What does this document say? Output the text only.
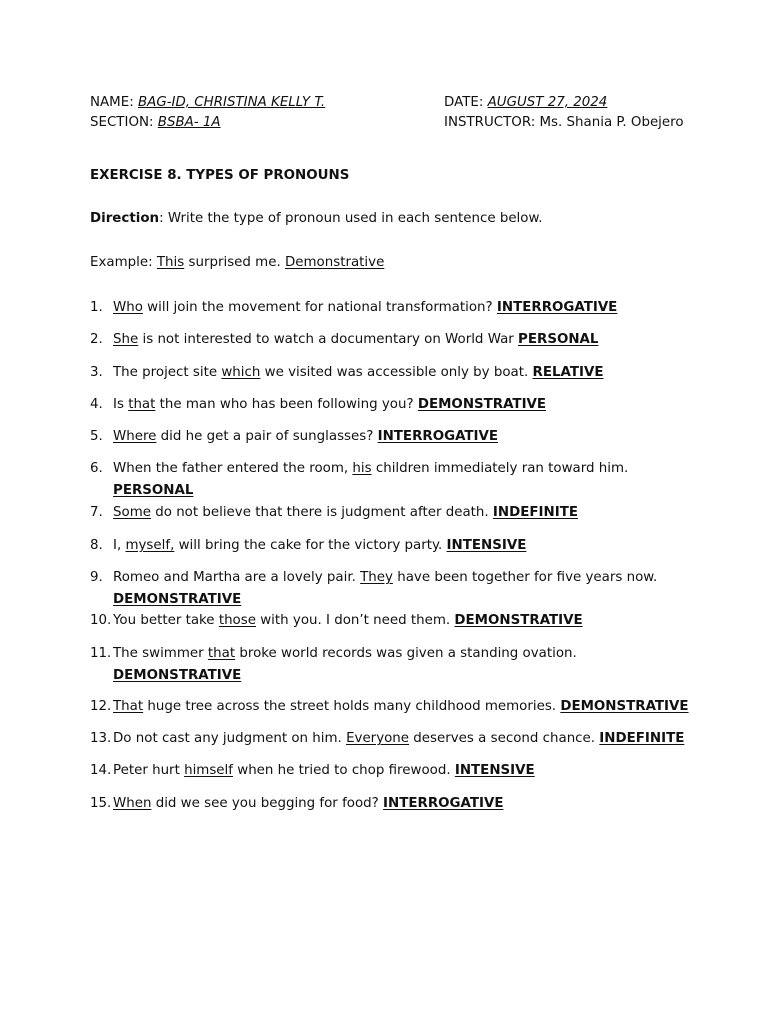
NAME: BAG-ID, CHRISTINA KELLY T.
SECTION: BSBA- 1A
DATE: AUGUST 27, 2024
INSTRUCTOR: Ms. Shania P. Obejero
EXERCISE 8. TYPES OF PRONOUNS
Direction: Write the type of pronoun used in each sentence below.
Example: This surprised me. Demonstrative
1. Who will join the movement for national transformation? INTERROGATIVE
2. She is not interested to watch a documentary on World War PERSONAL
3. The project site which we visited was accessible only by boat. RELATIVE
4. Is that the man who has been following you? DEMONSTRATIVE
5. Where did he get a pair of sunglasses? INTERROGATIVE
6. When the father entered the room, his children immediately ran toward him. PERSONAL
7. Some do not believe that there is judgment after death. INDEFINITE
8. I, myself, will bring the cake for the victory party. INTENSIVE
9. Romeo and Martha are a lovely pair. They have been together for five years now. DEMONSTRATIVE
10. You better take those with you. I don’t need them. DEMONSTRATIVE
11. The swimmer that broke world records was given a standing ovation. DEMONSTRATIVE
12. That huge tree across the street holds many childhood memories. DEMONSTRATIVE
13. Do not cast any judgment on him. Everyone deserves a second chance. INDEFINITE
14. Peter hurt himself when he tried to chop firewood. INTENSIVE
15. When did we see you begging for food? INTERROGATIVE
